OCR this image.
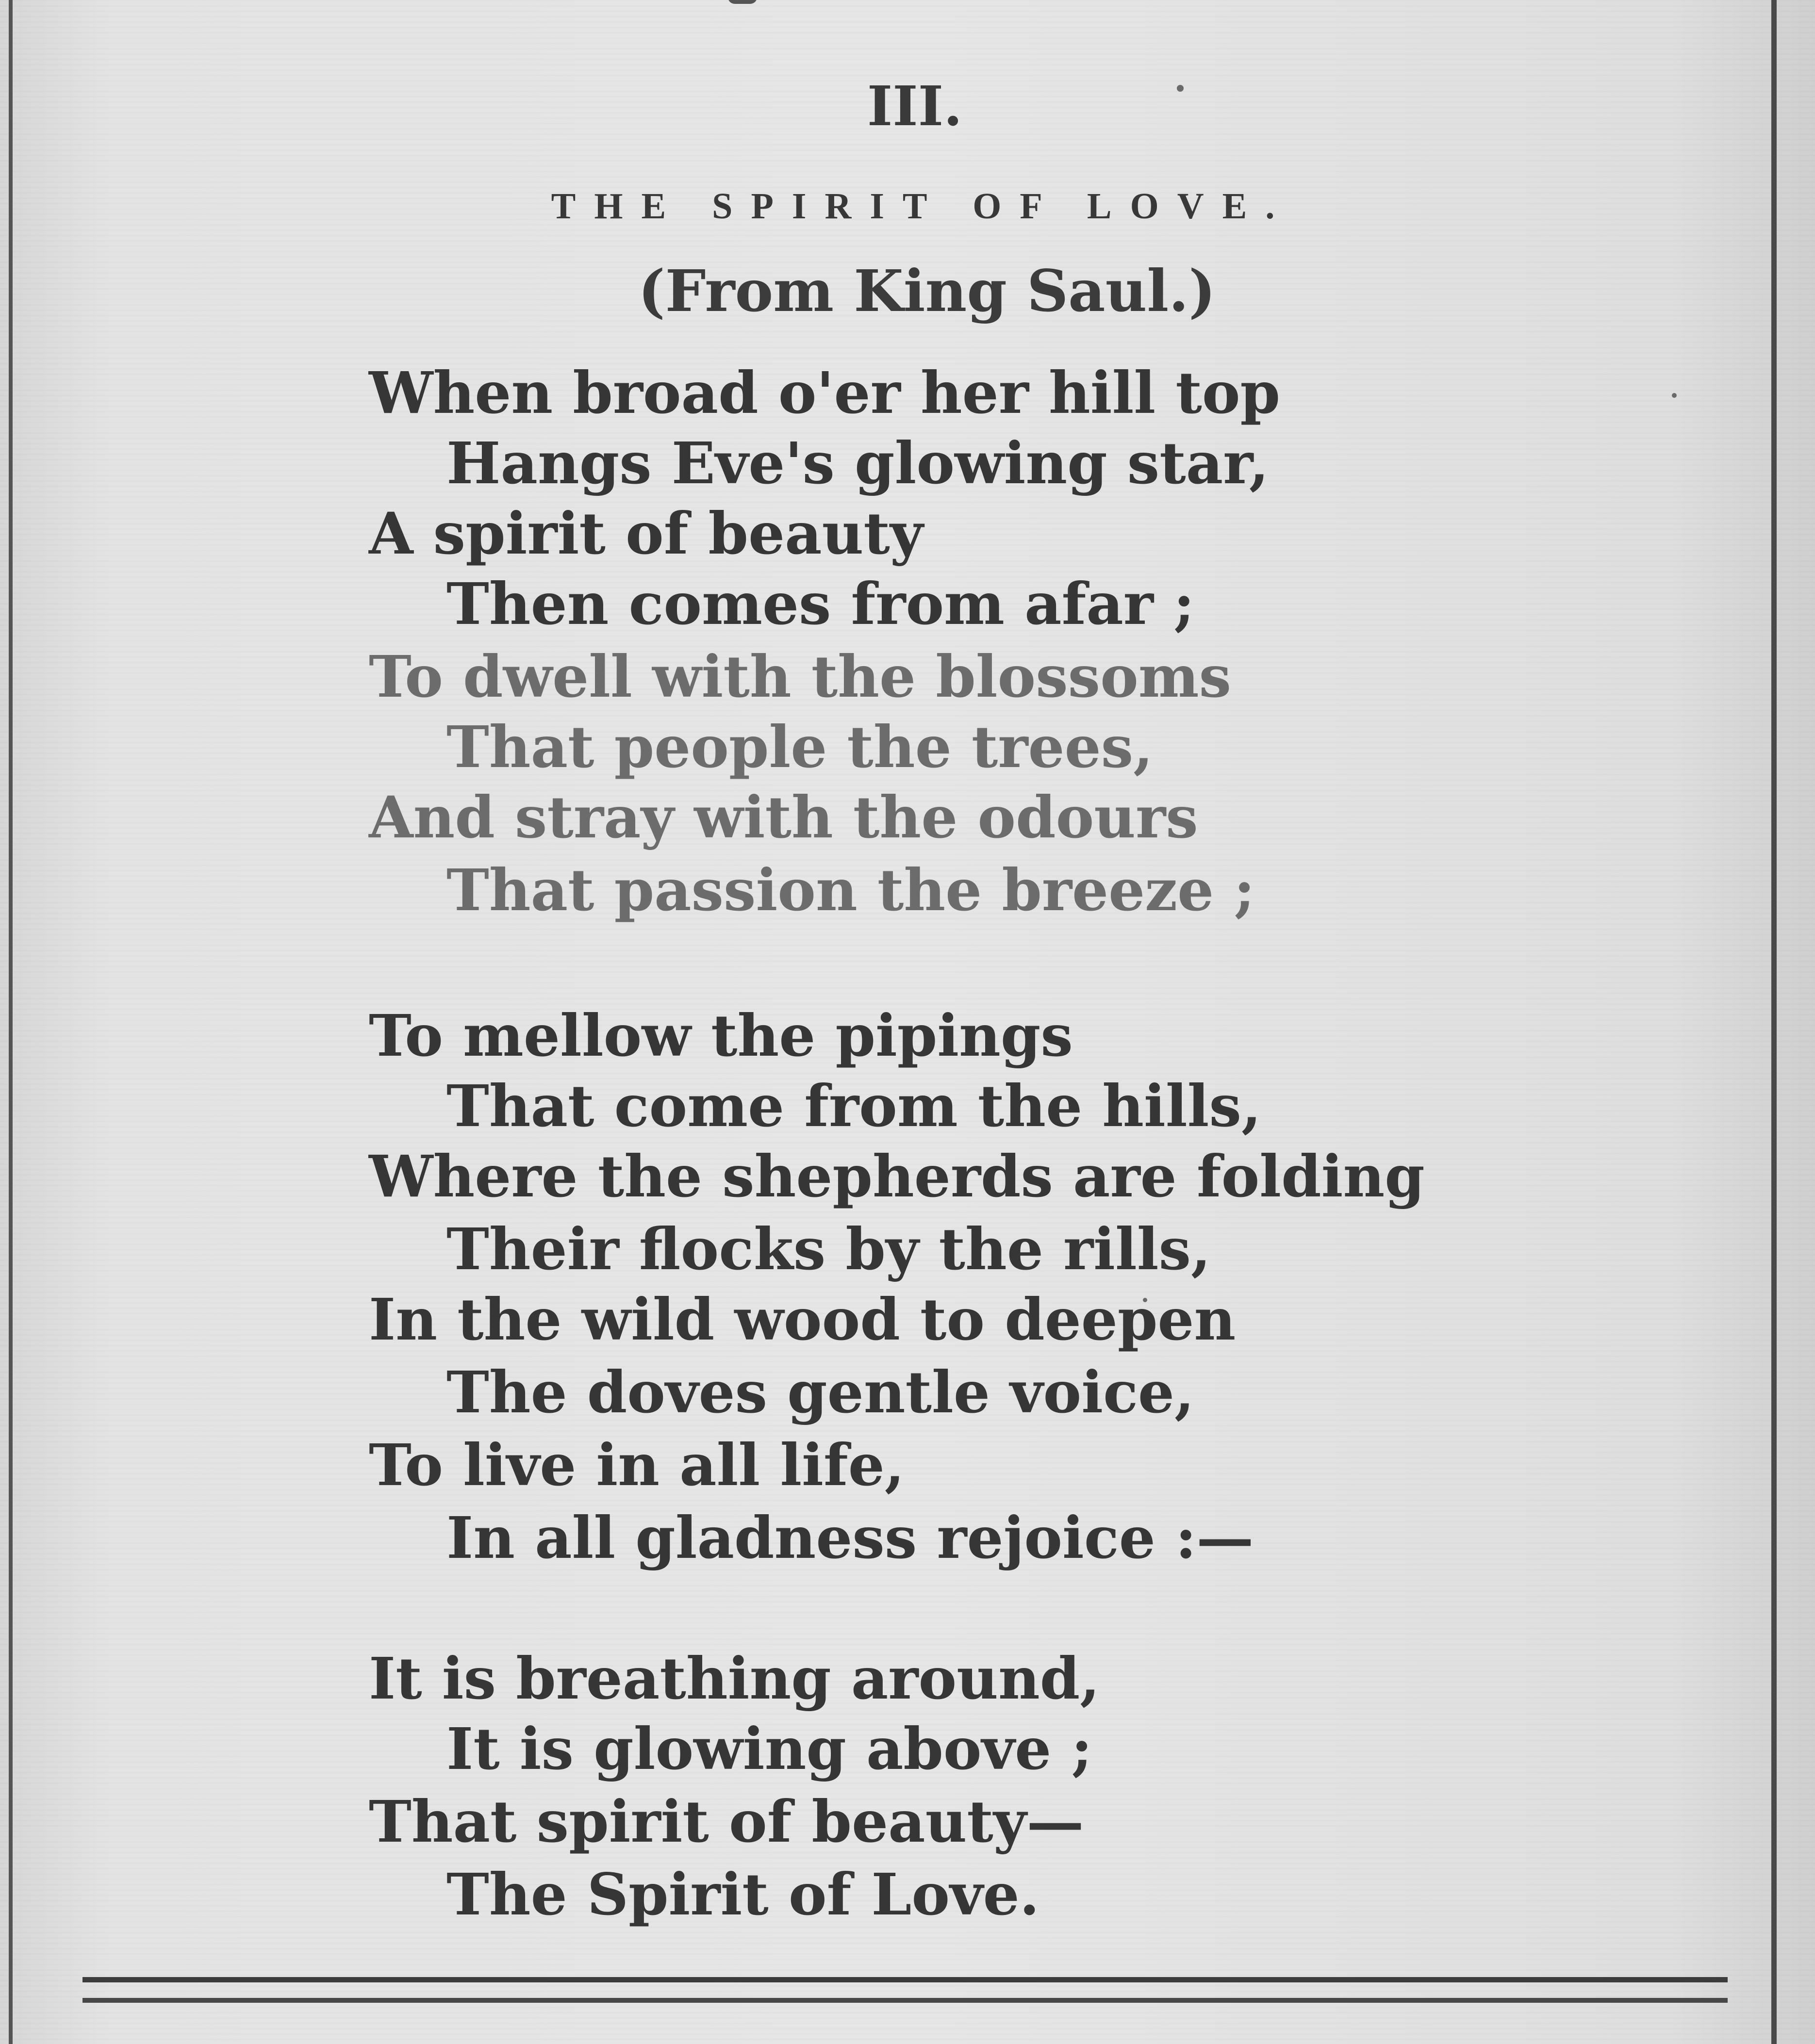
III.
THE SPIRIT OF LOVE.
(From King Saul.)
When broad o'er her hill top
Hangs Eve's glowing star,
A spirit of beauty
Then comes from afar ;
To dwell with the blossoms
That people the trees,
And stray with the odours
That passion the breeze ;
To mellow the pipings
That come from the hills,
Where the shepherds are folding
Their flocks by the rills,
In the wild wood to deepen
The doves gentle voice,
To live in all life,
In all gladness rejoice :—
It is breathing around,
It is glowing above ;
That spirit of beauty—
The Spirit of Love.
